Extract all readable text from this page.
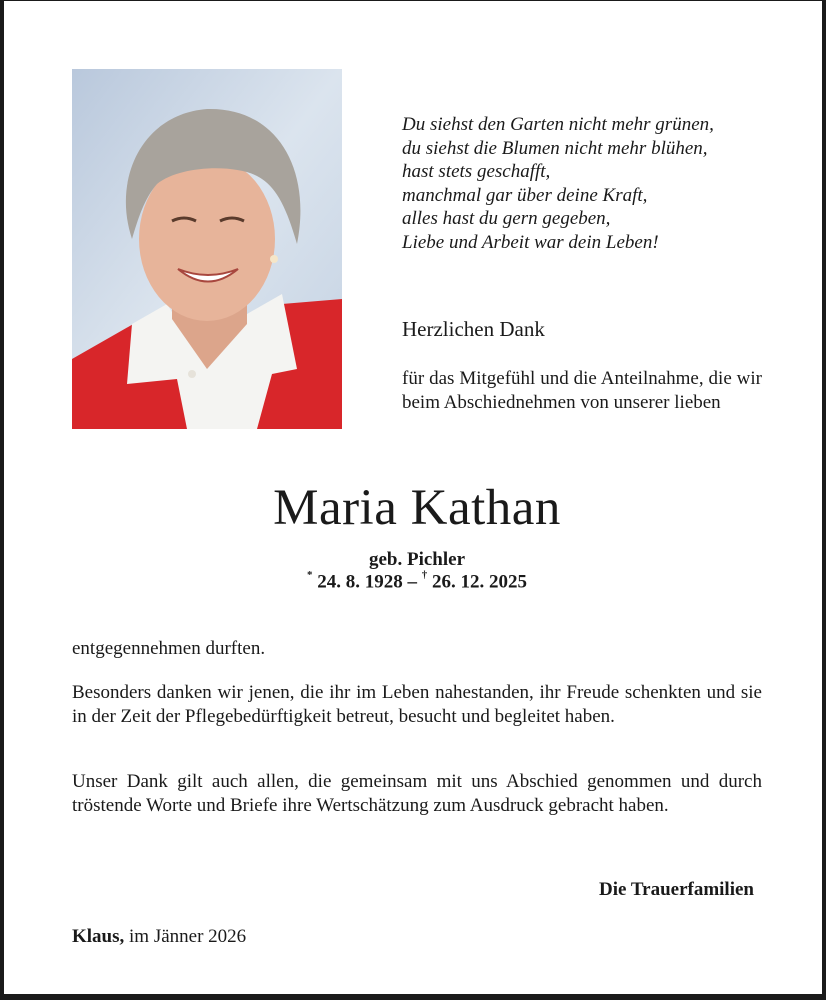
Du siehst den Garten nicht mehr grünen,
du siehst die Blumen nicht mehr blühen,
hast stets geschafft,
manchmal gar über deine Kraft,
alles hast du gern gegeben,
Liebe und Arbeit war dein Leben!
Herzlichen Dank
für das Mitgefühl und die Anteilnahme, die wir beim Abschiednehmen von unserer lieben
Maria Kathan
geb. Pichler
* 24. 8. 1928 – † 26. 12. 2025

entgegennehmen durften.

Besonders danken wir jenen, die ihr im Leben nahestanden, ihr Freude schenkten und sie in der Zeit der Pflegebedürftigkeit betreut, besucht und begleitet haben.

Unser Dank gilt auch allen, die gemeinsam mit uns Abschied genommen und durch tröstende Worte und Briefe ihre Wertschätzung zum Ausdruck gebracht haben.

Die Trauerfamilien
Klaus, im Jänner 2026
